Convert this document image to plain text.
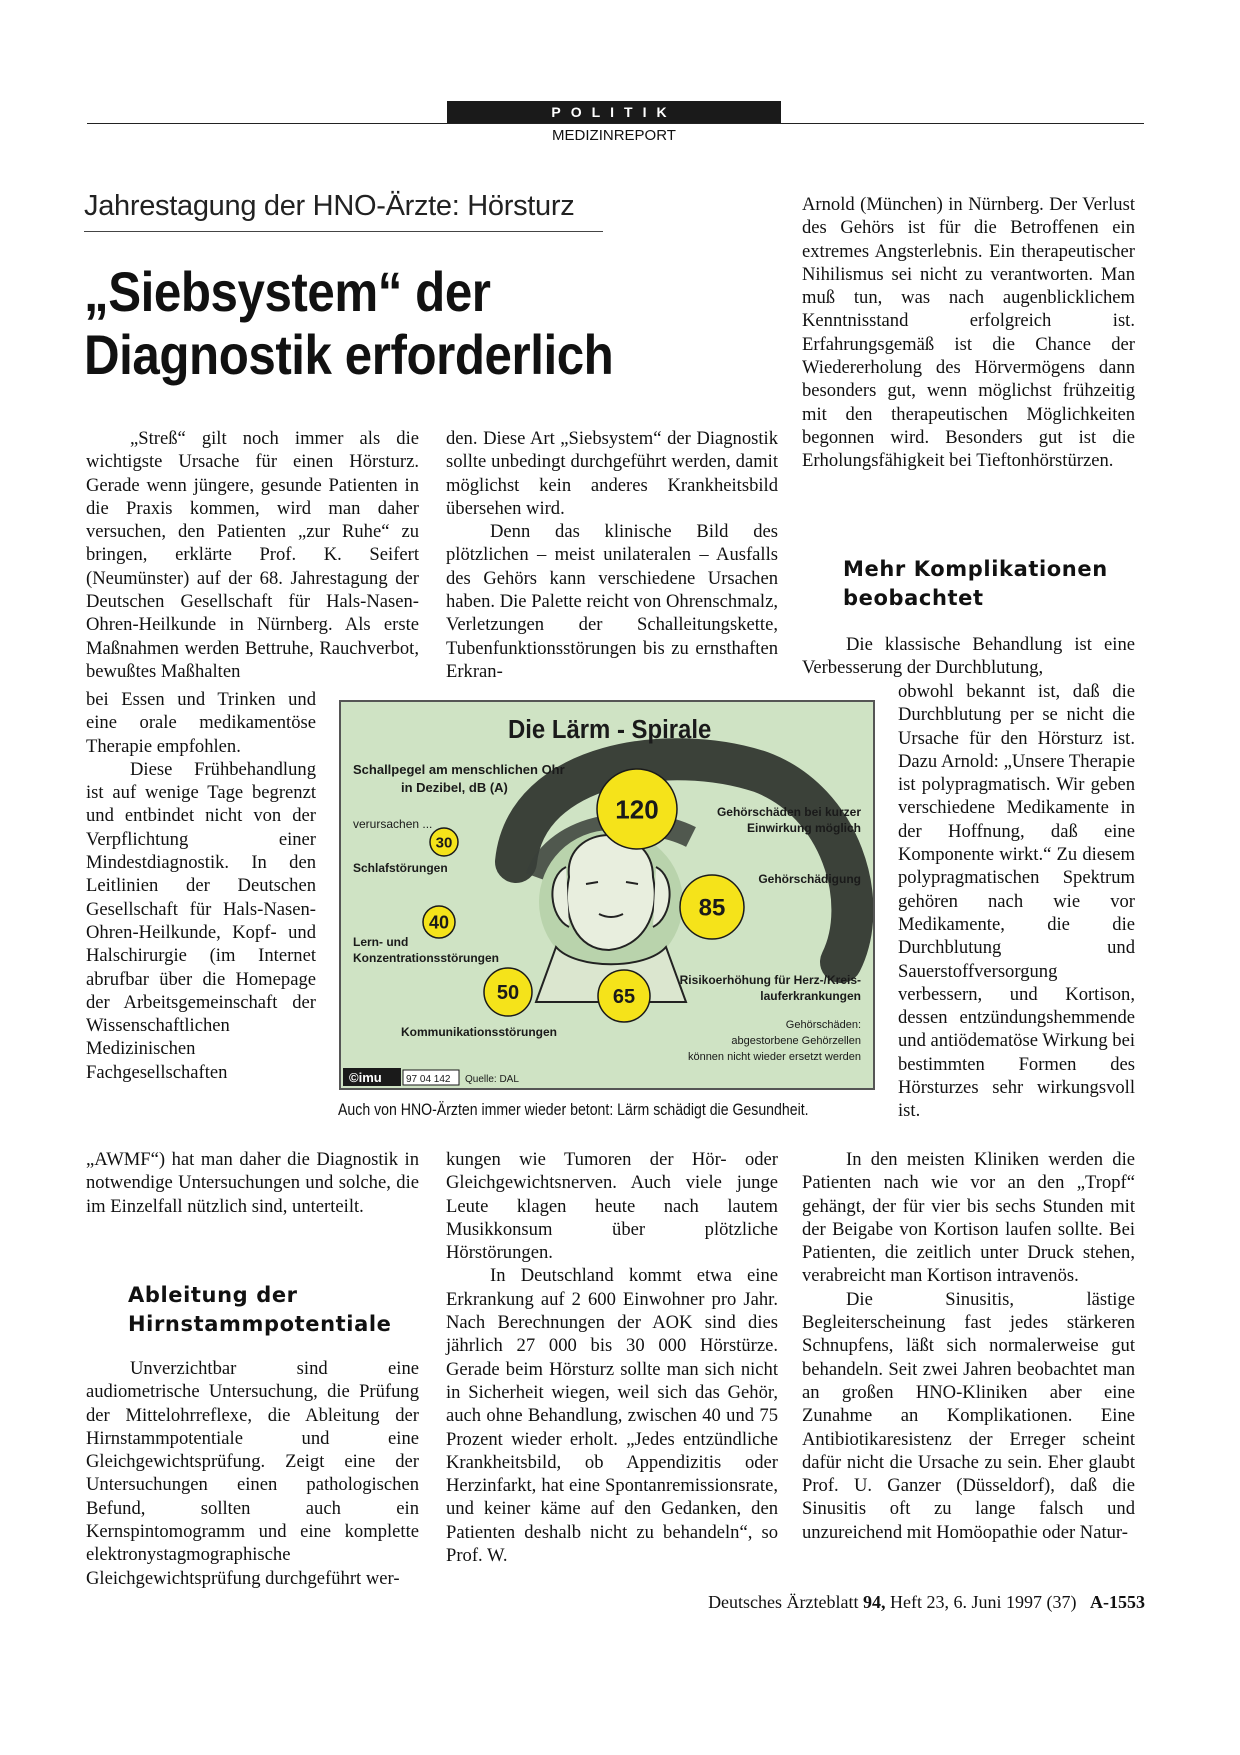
POLITIK
MEDIZINREPORT
Jahrestagung der HNO-Ärzte: Hörsturz
„Siebsystem“ der
Diagnostik erforderlich

„Streß“ gilt noch immer als die wichtigste Ursache für einen Hörsturz. Gerade wenn jüngere, gesunde Patienten in die Praxis kommen, wird man daher versuchen, den Patienten „zur Ruhe“ zu bringen, erklärte Prof. K. Seifert (Neumünster) auf der 68. Jahrestagung der Deutschen Gesellschaft für Hals-Nasen-Ohren-Heilkunde in Nürnberg. Als erste Maßnahmen werden Bettruhe, Rauchverbot, bewußtes Maßhalten

bei Essen und Trinken und eine orale medikamentöse Therapie empfohlen.

Diese Frühbehandlung ist auf wenige Tage begrenzt und entbindet nicht von der Verpflichtung einer Mindestdiagnostik. In den Leitlinien der Deutschen Gesellschaft für Hals-Nasen-Ohren-Heilkunde, Kopf- und Halschirurgie (im Internet abrufbar über die Homepage der Arbeitsgemeinschaft der Wissenschaftlichen Medizinischen Fachgesellschaften

„AWMF“) hat man daher die Diagnostik in notwendige Untersuchungen und solche, die im Einzelfall nützlich sind, unterteilt.

Ableitung der Hirnstammpotentiale

Unverzichtbar sind eine audiometrische Untersuchung, die Prüfung der Mittelohrreflexe, die Ableitung der Hirnstammpotentiale und eine Gleichgewichtsprüfung. Zeigt eine der Untersuchungen einen pathologischen Befund, sollten auch ein Kernspintomogramm und eine komplette elektronystagmographische Gleichgewichtsprüfung durchgeführt wer-

den. Diese Art „Siebsystem“ der Diagnostik sollte unbedingt durchgeführt werden, damit möglichst kein anderes Krankheitsbild übersehen wird.

Denn das klinische Bild des plötzlichen – meist unilateralen – Ausfalls des Gehörs kann verschiedene Ursachen haben. Die Palette reicht von Ohrenschmalz, Verletzungen der Schalleitungskette, Tubenfunktionsstörungen bis zu ernsthaften Erkran-

kungen wie Tumoren der Hör- oder Gleichgewichtsnerven. Auch viele junge Leute klagen heute nach lautem Musikkonsum über plötzliche Hörstörungen.

In Deutschland kommt etwa eine Erkrankung auf 2 600 Einwohner pro Jahr. Nach Berechnungen der AOK sind dies jährlich 27 000 bis 30 000 Hörstürze. Gerade beim Hörsturz sollte man sich nicht in Sicherheit wiegen, weil sich das Gehör, auch ohne Behandlung, zwischen 40 und 75 Prozent wieder erholt. „Jedes entzündliche Krankheitsbild, ob Appendizitis oder Herzinfarkt, hat eine Spontanremissionsrate, und keiner käme auf den Gedanken, den Patienten deshalb nicht zu behandeln“, so Prof. W.

Arnold (München) in Nürnberg. Der Verlust des Gehörs ist für die Betroffenen ein extremes Angsterlebnis. Ein therapeutischer Nihilismus sei nicht zu verantworten. Man muß tun, was nach augenblicklichem Kenntnisstand erfolgreich ist. Erfahrungsgemäß ist die Chance der Wiedererholung des Hörvermögens dann besonders gut, wenn möglichst frühzeitig mit den therapeutischen Möglichkeiten begonnen wird. Besonders gut ist die Erholungsfähigkeit bei Tieftonhörstürzen.

Mehr Komplikationen beobachtet

Die klassische Behandlung ist eine Verbesserung der Durchblutung,

obwohl bekannt ist, daß die Durchblutung per se nicht die Ursache für den Hörsturz ist. Dazu Arnold: „Unsere Therapie ist polypragmatisch. Wir geben verschiedene Medikamente in der Hoffnung, daß eine Komponente wirkt.“ Zu diesem polypragmatischen Spektrum gehören nach wie vor Medikamente, die die Durchblutung und Sauerstoffversorgung verbessern, und Kortison, dessen entzündungshemmende und antiödematöse Wirkung bei bestimmten Formen des Hörsturzes sehr wirkungsvoll ist.

In den meisten Kliniken werden die Patienten nach wie vor an den „Tropf“ gehängt, der für vier bis sechs Stunden mit der Beigabe von Kortison laufen sollte. Bei Patienten, die zeitlich unter Druck stehen, verabreicht man Kortison intravenös.

Die Sinusitis, lästige Begleiterscheinung fast jedes stärkeren Schnupfens, läßt sich normalerweise gut behandeln. Seit zwei Jahren beobachtet man an großen HNO-Kliniken aber eine Zunahme an Komplikationen. Eine Antibiotikaresistenz der Erreger scheint dafür nicht die Ursache zu sein. Eher glaubt Prof. U. Ganzer (Düsseldorf), daß die Sinusitis oft zu lange falsch und unzureichend mit Homöopathie oder Natur-

Die Lärm - Spirale
Schallpegel am menschlichen Ohr
in Dezibel, dB (A)
verursachen ...
30
40
50	65
85
120
Schlafstörungen
Lern- und
Konzentrationsstörungen
Kommunikationsstörungen
Risikoerhöhung für Herz-/Kreis-
lauferkrankungen
Gehörschädigung
Gehörschäden bei kurzer
Einwirkung möglich
Gehörschäden:
abgestorbene Gehörzellen
können nicht wieder ersetzt werden
©imu 97 04 142 Quelle: DAL
Auch von HNO-Ärzten immer wieder betont: Lärm schädigt die Gesundheit.
Deutsches Ärzteblatt 94, Heft 23, 6. Juni 1997 (37) A-1553
